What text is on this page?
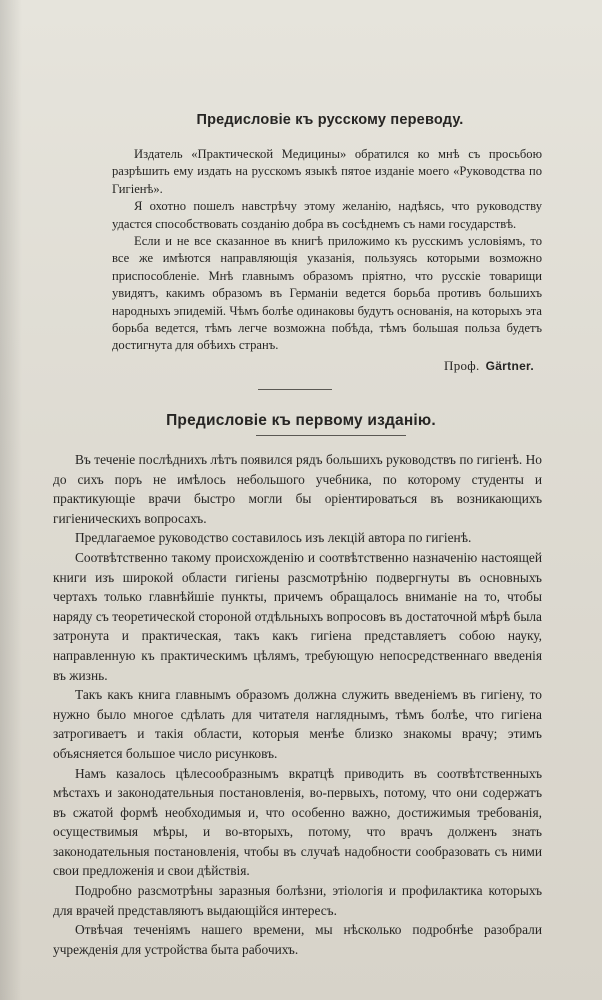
Предисловіе къ русскому переводу.

Издатель «Практической Медицины» обратился ко мнѣ съ просьбою разрѣшить ему издать на русскомъ языкѣ пятое изданіе моего «Руководства по Гигіенѣ».

Я охотно пошелъ навстрѣчу этому желанію, надѣясь, что руководству удастся способствовать созданію добра въ сосѣднемъ съ нами государствѣ.

Если и не все сказанное въ книгѣ приложимо къ русскимъ условіямъ, то все же имѣются направляющія указанія, пользуясь которыми возможно приспособленіе. Мнѣ главнымъ образомъ пріятно, что русскіе товарищи увидятъ, какимъ образомъ въ Германіи ведется борьба противъ большихъ народныхъ эпидемій. Чѣмъ болѣе одинаковы будутъ основанія, на которыхъ эта борьба ведется, тѣмъ легче возможна побѣда, тѣмъ большая польза будетъ достигнута для обѣихъ странъ.

Проф. Gärtner.
Предисловіе къ первому изданію.

Въ теченіе послѣднихъ лѣтъ появился рядъ большихъ руководствъ по гигіенѣ. Но до сихъ поръ не имѣлось небольшого учебника, по которому студенты и практикующіе врачи быстро могли бы оріентироваться въ возникающихъ гигіеническихъ вопросахъ.

Предлагаемое руководство составилось изъ лекцій автора по гигіенѣ.

Соотвѣтственно такому происхожденію и соотвѣтственно назначенію настоящей книги изъ широкой области гигіены разсмотрѣнію подвергнуты въ основныхъ чертахъ только главнѣйшіе пункты, причемъ обращалось вниманіе на то, чтобы наряду съ теоретической стороной отдѣльныхъ вопросовъ въ достаточной мѣрѣ была затронута и практическая, такъ какъ гигіена представляетъ собою науку, направленную къ практическимъ цѣлямъ, требующую непосредственнаго введенія въ жизнь.

Такъ какъ книга главнымъ образомъ должна служить введеніемъ въ гигіену, то нужно было многое сдѣлать для читателя нагляднымъ, тѣмъ болѣе, что гигіена затрогиваетъ и такія области, которыя менѣе близко знакомы врачу; этимъ объясняется большое число рисунковъ.

Намъ казалось цѣлесообразнымъ вкратцѣ приводить въ соотвѣтственныхъ мѣстахъ и законодательныя постановленія, во-первыхъ, потому, что они содержатъ въ сжатой формѣ необходимыя и, что особенно важно, достижимыя требованія, осуществимыя мѣры, и во-вторыхъ, потому, что врачъ долженъ знать законодательныя постановленія, чтобы въ случаѣ надобности сообразовать съ ними свои предложенія и свои дѣйствія.

Подробно разсмотрѣны заразныя болѣзни, этіологія и профилактика которыхъ для врачей представляютъ выдающійся интересъ.

Отвѣчая теченіямъ нашего времени, мы нѣсколько подробнѣе разобрали учрежденія для устройства быта рабочихъ.
